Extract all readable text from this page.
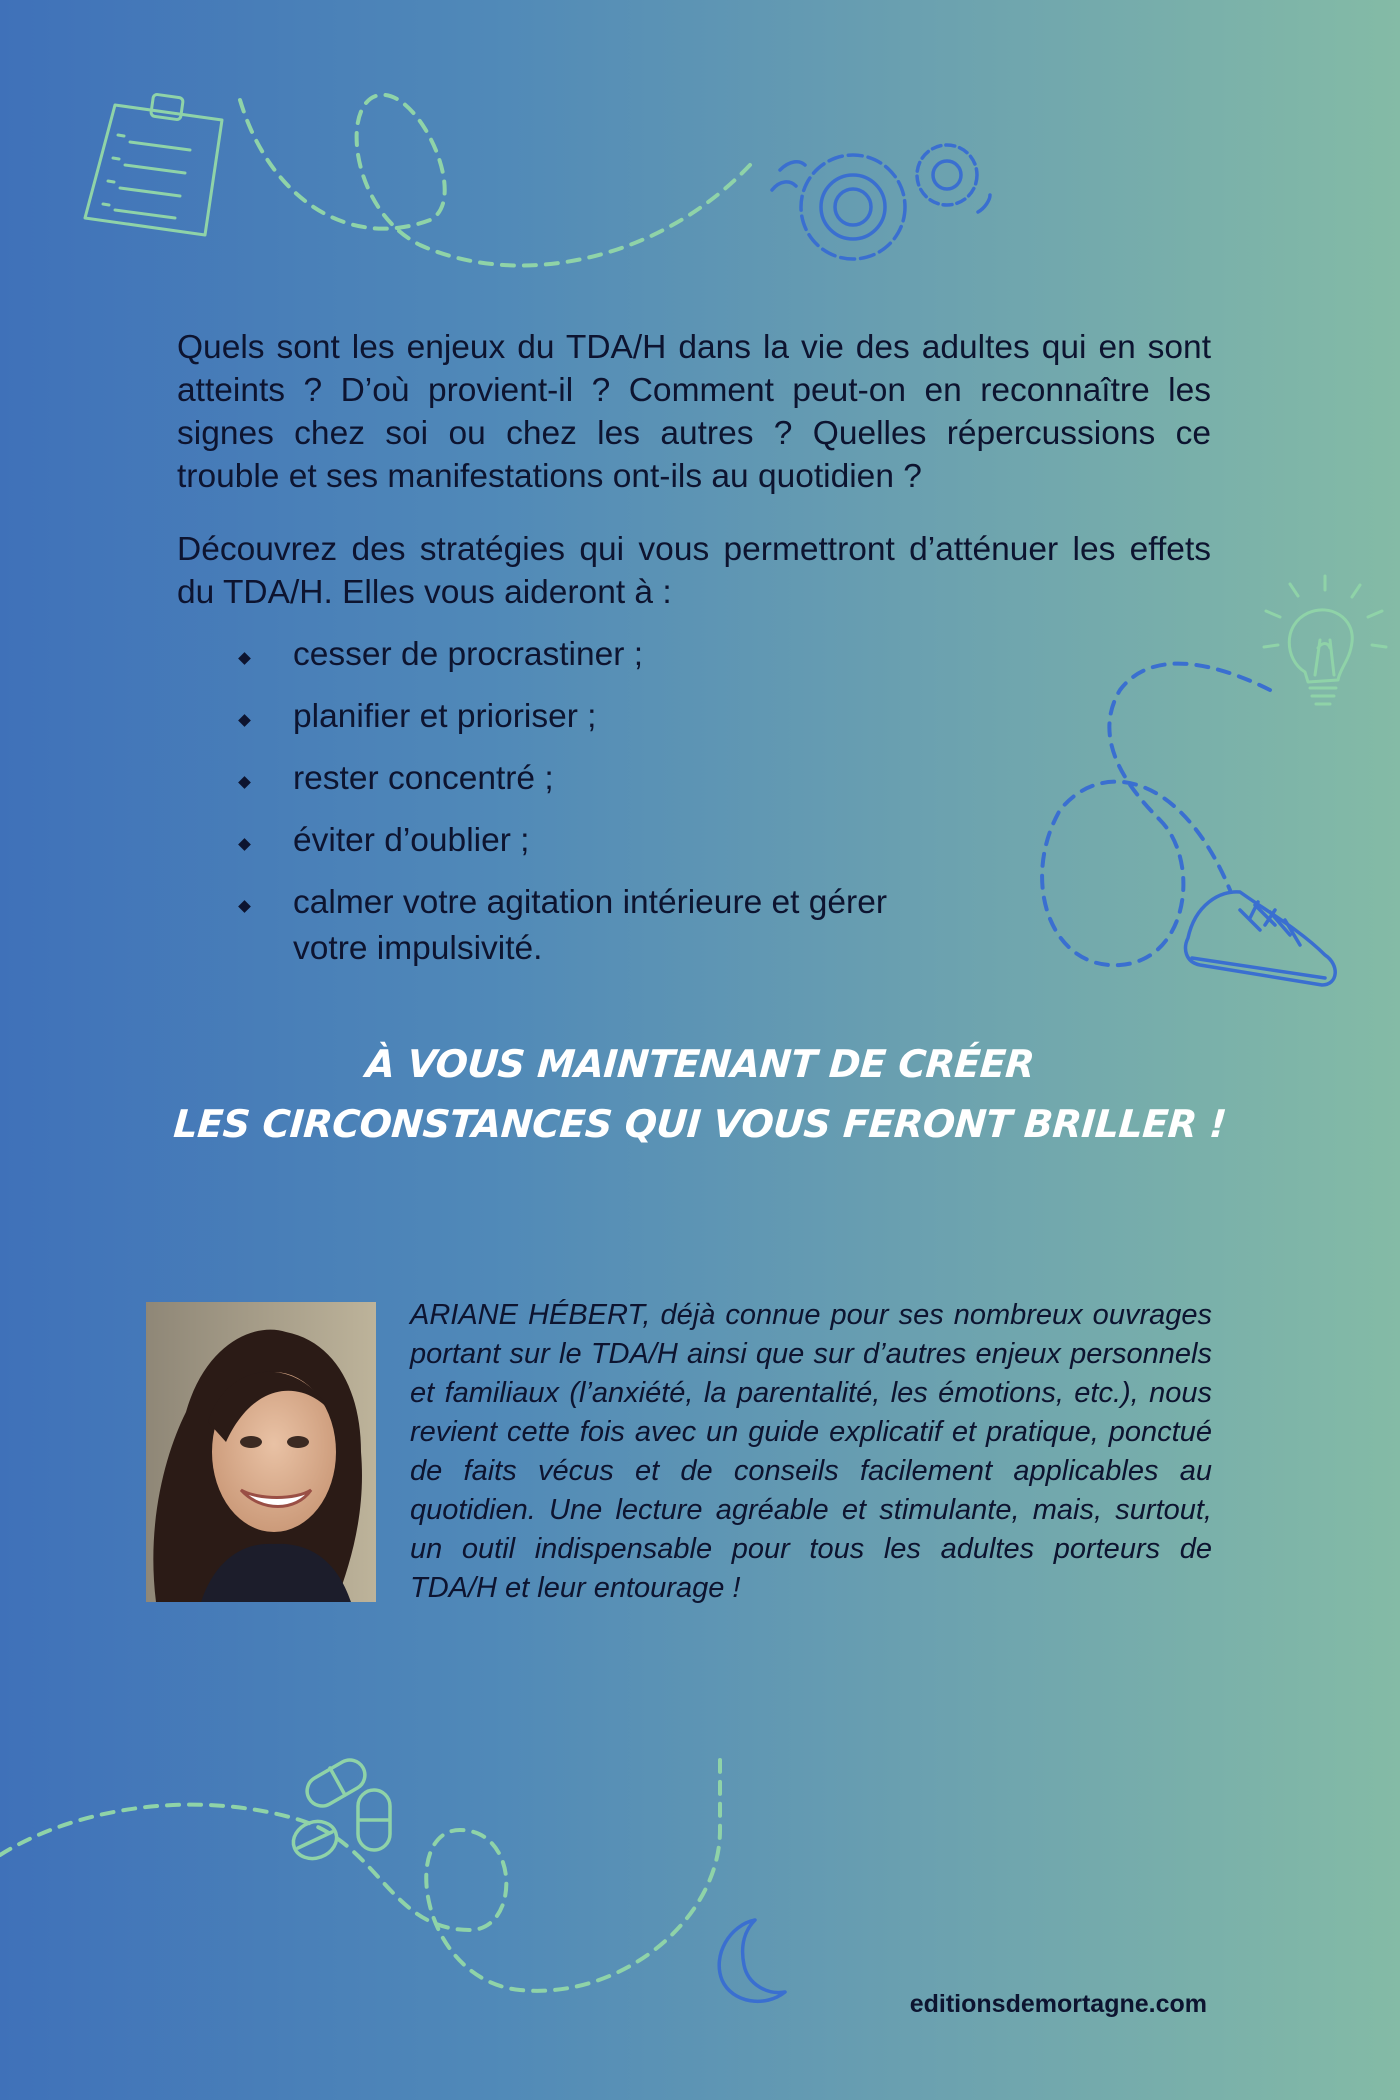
Quels sont les enjeux du TDA/H dans la vie des adultes qui en sont atteints ? D’où provient-il ? Comment peut-on en reconnaître les signes chez soi ou chez les autres ? Quelles répercussions ce trouble et ses manifestations ont-ils au quotidien ?

Découvrez des stratégies qui vous permettront d’atténuer les effets du TDA/H. Elles vous aideront à :

cesser de procrastiner ;
planifier et prioriser ;
rester concentré ;
éviter d’oublier ;
calmer votre agitation intérieure et gérer votre impulsivité.
À VOUS MAINTENANT DE CRÉER
LES CIRCONSTANCES QUI VOUS FERONT BRILLER !

ARIANE HÉBERT, déjà connue pour ses nombreux ouvrages portant sur le TDA/H ainsi que sur d’autres enjeux personnels et familiaux (l’anxiété, la parentalité, les émotions, etc.), nous revient cette fois avec un guide explicatif et pratique, ponctué de faits vécus et de conseils facilement applicables au quotidien. Une lecture agréable et stimulante, mais, surtout, un outil indispensable pour tous les adultes porteurs de TDA/H et leur entourage !

editionsdemortagne.com
